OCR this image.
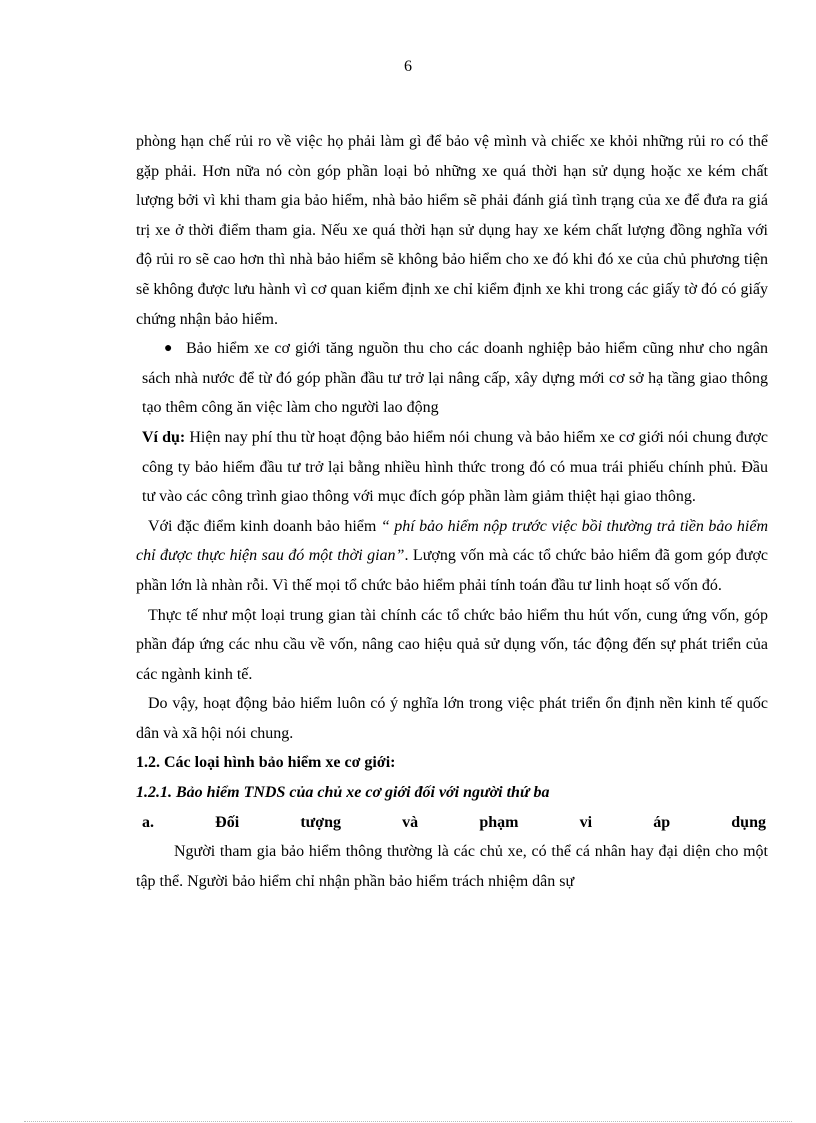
6

phòng hạn chế rủi ro về việc họ phải làm gì để bảo vệ mình và chiếc xe khỏi những rủi ro có thể gặp phải. Hơn nữa nó còn góp phần loại bỏ những xe quá thời hạn sử dụng hoặc xe kém chất lượng bởi vì khi tham gia bảo hiểm, nhà bảo hiểm sẽ phải đánh giá tình trạng của xe để đưa ra giá trị xe ở thời điểm tham gia. Nếu xe quá thời hạn sử dụng hay xe kém chất lượng đồng nghĩa với độ rủi ro sẽ cao hơn thì nhà bảo hiểm sẽ không bảo hiểm cho xe đó khi đó xe của chủ phương tiện sẽ không được lưu hành vì cơ quan kiểm định xe chỉ kiểm định xe khi trong các giấy tờ đó có giấy chứng nhận bảo hiểm.

● Bảo hiểm xe cơ giới tăng nguồn thu cho các doanh nghiệp bảo hiểm cũng như cho ngân sách nhà nước để từ đó góp phần đầu tư trở lại nâng cấp, xây dựng mới cơ sở hạ tầng giao thông tạo thêm công ăn việc làm cho người lao động

Ví dụ: Hiện nay phí thu từ hoạt động bảo hiểm nói chung và bảo hiểm xe cơ giới nói chung được công ty bảo hiểm đầu tư trở lại bằng nhiều hình thức trong đó có mua trái phiếu chính phủ. Đầu tư vào các công trình giao thông với mục đích góp phần làm giảm thiệt hại giao thông.

Với đặc điểm kinh doanh bảo hiểm “ phí bảo hiểm nộp trước việc bồi thường trả tiền bảo hiểm chỉ được thực hiện sau đó một thời gian”. Lượng vốn mà các tổ chức bảo hiểm đã gom góp được phần lớn là nhàn rỗi. Vì thế mọi tổ chức bảo hiểm phải tính toán đầu tư linh hoạt số vốn đó.

Thực tế như một loại trung gian tài chính các tổ chức bảo hiểm thu hút vốn, cung ứng vốn, góp phần đáp ứng các nhu cầu về vốn, nâng cao hiệu quả sử dụng vốn, tác động đến sự phát triển của các ngành kinh tế.

Do vậy, hoạt động bảo hiểm luôn có ý nghĩa lớn trong việc phát triển ổn định nền kinh tế quốc dân và xã hội nói chung.

1.2. Các loại hình bảo hiểm xe cơ giới:

1.2.1. Bảo hiểm TNDS của chủ xe cơ giới đối với người thứ ba

a.	Đối	tượng	và	phạm	vi	áp	dụng

Người tham gia bảo hiểm thông thường là các chủ xe, có thể cá nhân hay đại diện cho một tập thể. Người bảo hiểm chỉ nhận phần bảo hiểm trách nhiệm dân sự
